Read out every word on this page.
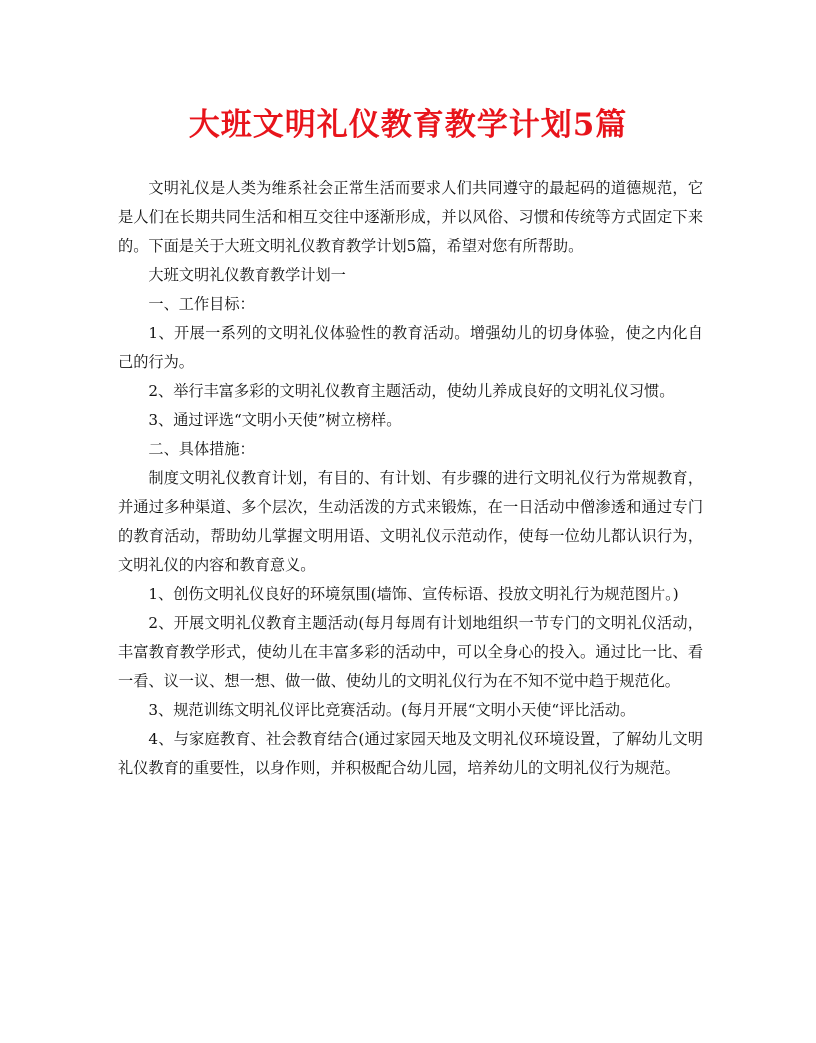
大班文明礼仪教育教学计划5篇

文明礼仪是人类为维系社会正常生活而要求人们共同遵守的最起码的道德规范，它是人们在长期共同生活和相互交往中逐渐形成，并以风俗、习惯和传统等方式固定下来的。下面是关于大班文明礼仪教育教学计划5篇，希望对您有所帮助。

大班文明礼仪教育教学计划一

一、工作目标：

1、开展一系列的文明礼仪体验性的教育活动。增强幼儿的切身体验，使之内化自己的行为。

2、举行丰富多彩的文明礼仪教育主题活动，使幼儿养成良好的文明礼仪习惯。

3、通过评选“文明小天使”树立榜样。

二、具体措施：

制度文明礼仪教育计划，有目的、有计划、有步骤的进行文明礼仪行为常规教育，并通过多种渠道、多个层次，生动活泼的方式来锻炼，在一日活动中僧渗透和通过专门的教育活动，帮助幼儿掌握文明用语、文明礼仪示范动作，使每一位幼儿都认识行为，文明礼仪的内容和教育意义。

1、创伤文明礼仪良好的环境氛围(墙饰、宣传标语、投放文明礼行为规范图片。)

2、开展文明礼仪教育主题活动(每月每周有计划地组织一节专门的文明礼仪活动，丰富教育教学形式，使幼儿在丰富多彩的活动中，可以全身心的投入。通过比一比、看一看、议一议、想一想、做一做、使幼儿的文明礼仪行为在不知不觉中趋于规范化。

3、规范训练文明礼仪评比竞赛活动。(每月开展“文明小天使“评比活动。

4、与家庭教育、社会教育结合(通过家园天地及文明礼仪环境设置，了解幼儿文明礼仪教育的重要性，以身作则，并积极配合幼儿园，培养幼儿的文明礼仪行为规范。
